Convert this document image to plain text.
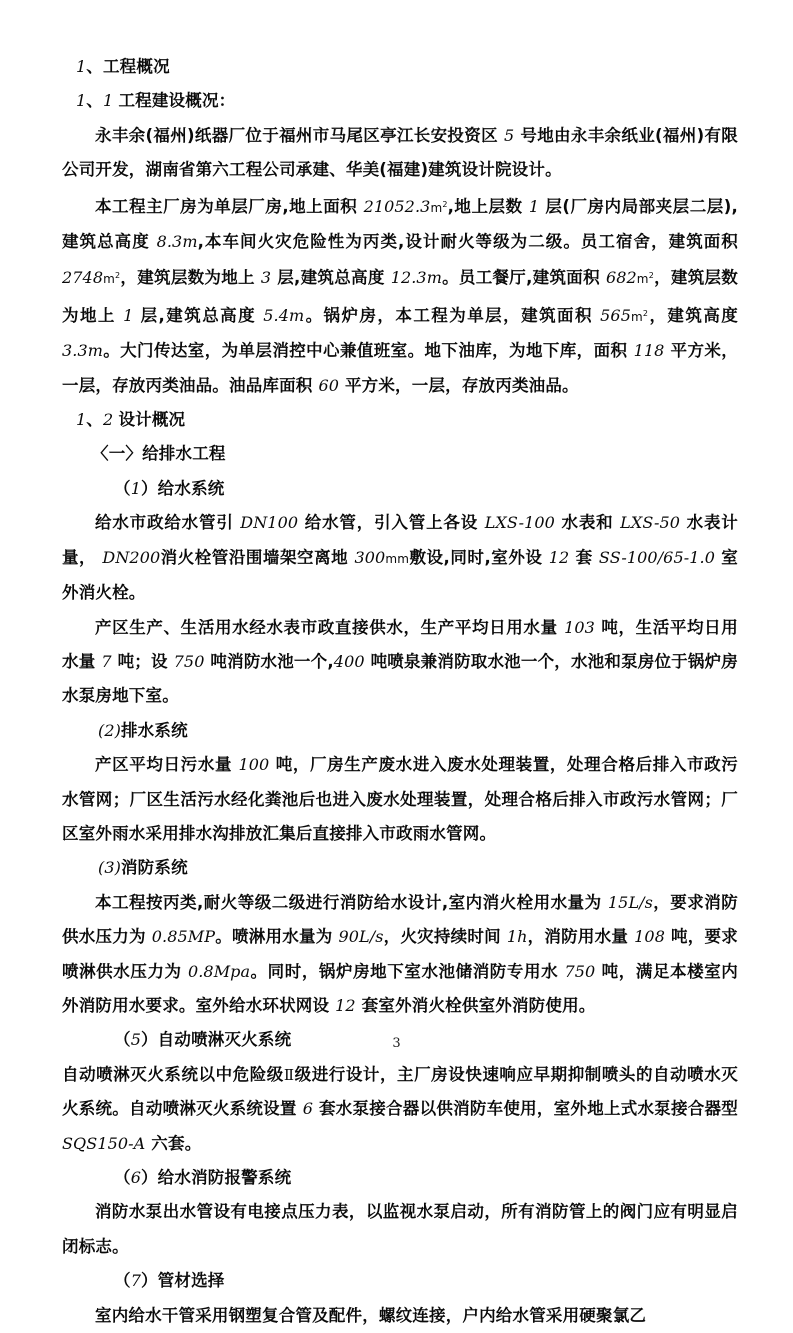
1、工程概况

1、1 工程建设概况：

永丰余(福州)纸器厂位于福州市马尾区亭江长安投资区 5 号地由永丰余纸业(福州)有限公司开发，湖南省第六工程公司承建、华美(福建)建筑设计院设计。

本工程主厂房为单层厂房,地上面积 $21052.3m^2$,地上层数 1 层(厂房内局部夹层二层),建筑总高度 8.3m,本车间火灾危险性为丙类,设计耐火等级为二级。员工宿舍，建筑面积 $2748m^2$，建筑层数为地上 3 层,建筑总高度 12.3m。员工餐厅,建筑面积 $682m^2$，建筑层数为地上 1 层,建筑总高度 5.4m。锅炉房，本工程为单层，建筑面积 $565m^2$，建筑高度 3.3m。大门传达室，为单层消控中心兼值班室。地下油库，为地下库，面积 118 平方米，一层，存放丙类油品。油品库面积 60 平方米，一层，存放丙类油品。

1、2 设计概况

〈一〉给排水工程

（1）给水系统

给水市政给水管引 DN100 给水管，引入管上各设 LXS-100 水表和 LXS-50 水表计量， DN200消火栓管沿围墙架空离地 300mm敷设,同时,室外设 12 套 SS-100/65-1.0 室外消火栓。

产区生产、生活用水经水表市政直接供水，生产平均日用水量 103 吨，生活平均日用水量 7 吨；设 750 吨消防水池一个,400 吨喷泉兼消防取水池一个，水池和泵房位于锅炉房 水泵房地下室。

(2)排水系统

产区平均日污水量 100 吨，厂房生产废水进入废水处理装置，处理合格后排入市政污水管网；厂区生活污水经化粪池后也进入废水处理装置，处理合格后排入市政污水管网；厂区室外雨水采用排水沟排放汇集后直接排入市政雨水管网。

(3)消防系统

本工程按丙类,耐火等级二级进行消防给水设计,室内消火栓用水量为 15L/s，要求消防供水压力为 0.85MP。喷淋用水量为 90L/s，火灾持续时间 1h，消防用水量 108 吨，要求喷淋供水压力为 0.8Mpa。同时，锅炉房地下室水池储消防专用水 750 吨，满足本楼室内外消防用水要求。室外给水环状网设 12 套室外消火栓供室外消防使用。

（5）自动喷淋灭火系统

自动喷淋灭火系统以中危险级Ⅱ级进行设计，主厂房设快速响应早期抑制喷头的自动喷水灭火系统。自动喷淋灭火系统设置 6 套水泵接合器以供消防车使用，室外地上式水泵接合器型 SQS150-A 六套。

（6）给水消防报警系统

消防水泵出水管设有电接点压力表，以监视水泵启动，所有消防管上的阀门应有明显启闭标志。

（7）管材选择

室内给水干管采用钢塑复合管及配件，螺纹连接，户内给水管采用硬聚氯乙

3
